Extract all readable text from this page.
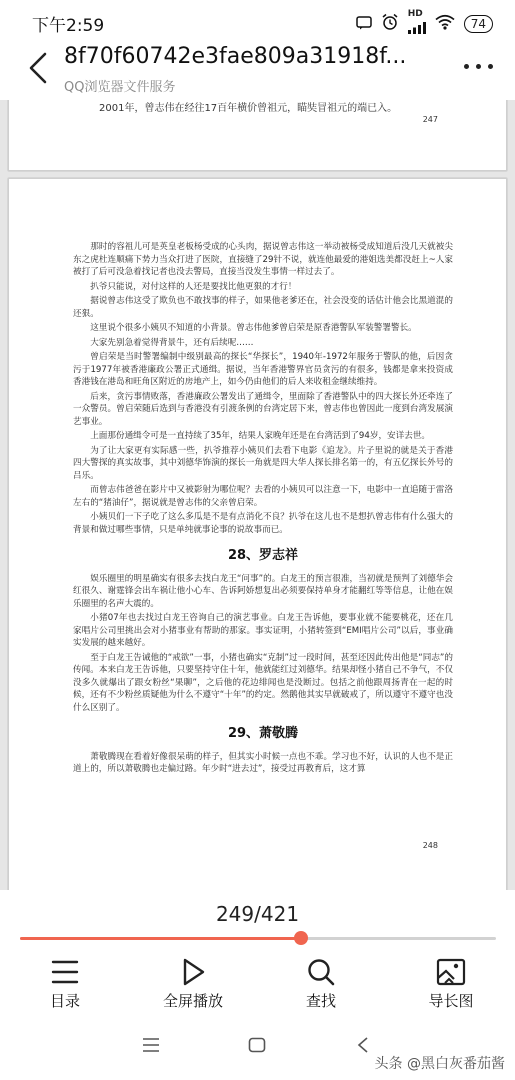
下午2:59
HD
74
8f70f60742e3fae809a31918f...
QQ浏览器文件服务
2001年，曾志伟在经往17百年横价曾祖元，瞄奘冒祖元的端已入。
247

那时的容祖儿可是英皇老板杨受成的心头肉，据说曾志伟这一举动被杨受成知道后没几天就被尖东之虎杜连顺痛下势力当众打进了医院，直接缝了29针不说，就连他最爱的港姐选美都没赶上~人家被打了后可没急着找记者也没去警局，直接当没发生事情一样过去了。

扒爷只能说，对付这样的人还是要找比他更狠的才行！

据说曾志伟这受了欺负也不敢找事的样子，如果他老爹还在，社会没变的话估计他会比黑道混的还狠。

这里说个很多小姨贝不知道的小背景。曾志伟他爹曾启荣是原香港警队军装警署警长。

大家先别急着觉得背景牛，还有后续呢……

曾启荣是当时警署编制中级别最高的探长“华探长”，1940年-1972年服务于警队的他，后因贪污于1977年被香港廉政公署正式通缉。据说，当年香港警界官员贪污的有很多，钱都是拿来投资成香港钱在港岛和旺角区附近的房地产上，如今仍由他们的后人来收租金继续维持。

后来，贪污事情败落，香港廉政公署发出了通缉令，里面除了香港警队中的四大探长外还牵连了一众警员。曾启荣随后选到与香港没有引渡条例的台湾定居下来，曾志伟也曾因此一度到台湾发展演艺事业。

上面那份通缉令可是一直持续了35年，结果人家晚年还是在台湾活到了94岁，安详去世。

为了让大家更有实际感一些，扒爷推荐小姨贝们去看下电影《追龙》。片子里说的就是关于香港四大警探的真实故事，其中刘德华饰演的探长一角就是四大华人探长排名第一的，有五亿探长外号的吕乐。

而曾志伟爸爸在影片中又被影射为哪位呢？去看的小姨贝可以注意一下，电影中一直追随于雷洛左右的“猪油仔”，据说就是曾志伟的父亲曾启荣。

小姨贝们一下子吃了这么多瓜是不是有点消化不良？扒爷在这儿也不是想扒曾志伟有什么强大的背景和做过哪些事情，只是单纯就事论事的说故事而已。

28、罗志祥

娱乐圈里的明星确实有很多去找白龙王“问事”的。白龙王的预言很准，当初就是预判了刘德华会红很久、谢霆锋会出车祸让他小心车、告诉阿娇想复出必须要保持单身才能翻红等等信息，让他在娱乐圈里的名声大震的。

小猪07年也去找过白龙王咨询自己的演艺事业。白龙王告诉他，要事业就不能要桃花，还在几家唱片公司里挑出会对小猪事业有帮助的那家。事实证明，小猪转签到“EMI唱片公司”以后，事业确实发展的越来越好。

至于白龙王告诫他的“戒欲”一事，小猪也确实“克制”过一段时间，甚至还因此传出他是“同志”的传闻。本来白龙王告诉他，只要坚持守住十年，他就能红过刘德华。结果却怪小猪自己不争气，不仅没多久就爆出了跟女粉丝“果聊”，之后他的花边绯闻也是没断过。包括之前他跟周扬青在一起的时候，还有不少粉丝质疑他为什么不遵守“十年”的约定。然鹅他其实早就破戒了，所以遵守不遵守也没什么区别了。

29、萧敬腾

萧敬腾现在看着好像很呆萌的样子，但其实小时候一点也不乖。学习也不好，认识的人也不是正道上的，所以萧敬腾也走偏过路。年少时“进去过”，接受过再教育后，这才算

248
249/421
目录	全屏播放	查找	导长图
头条 @黑白灰番茄酱
